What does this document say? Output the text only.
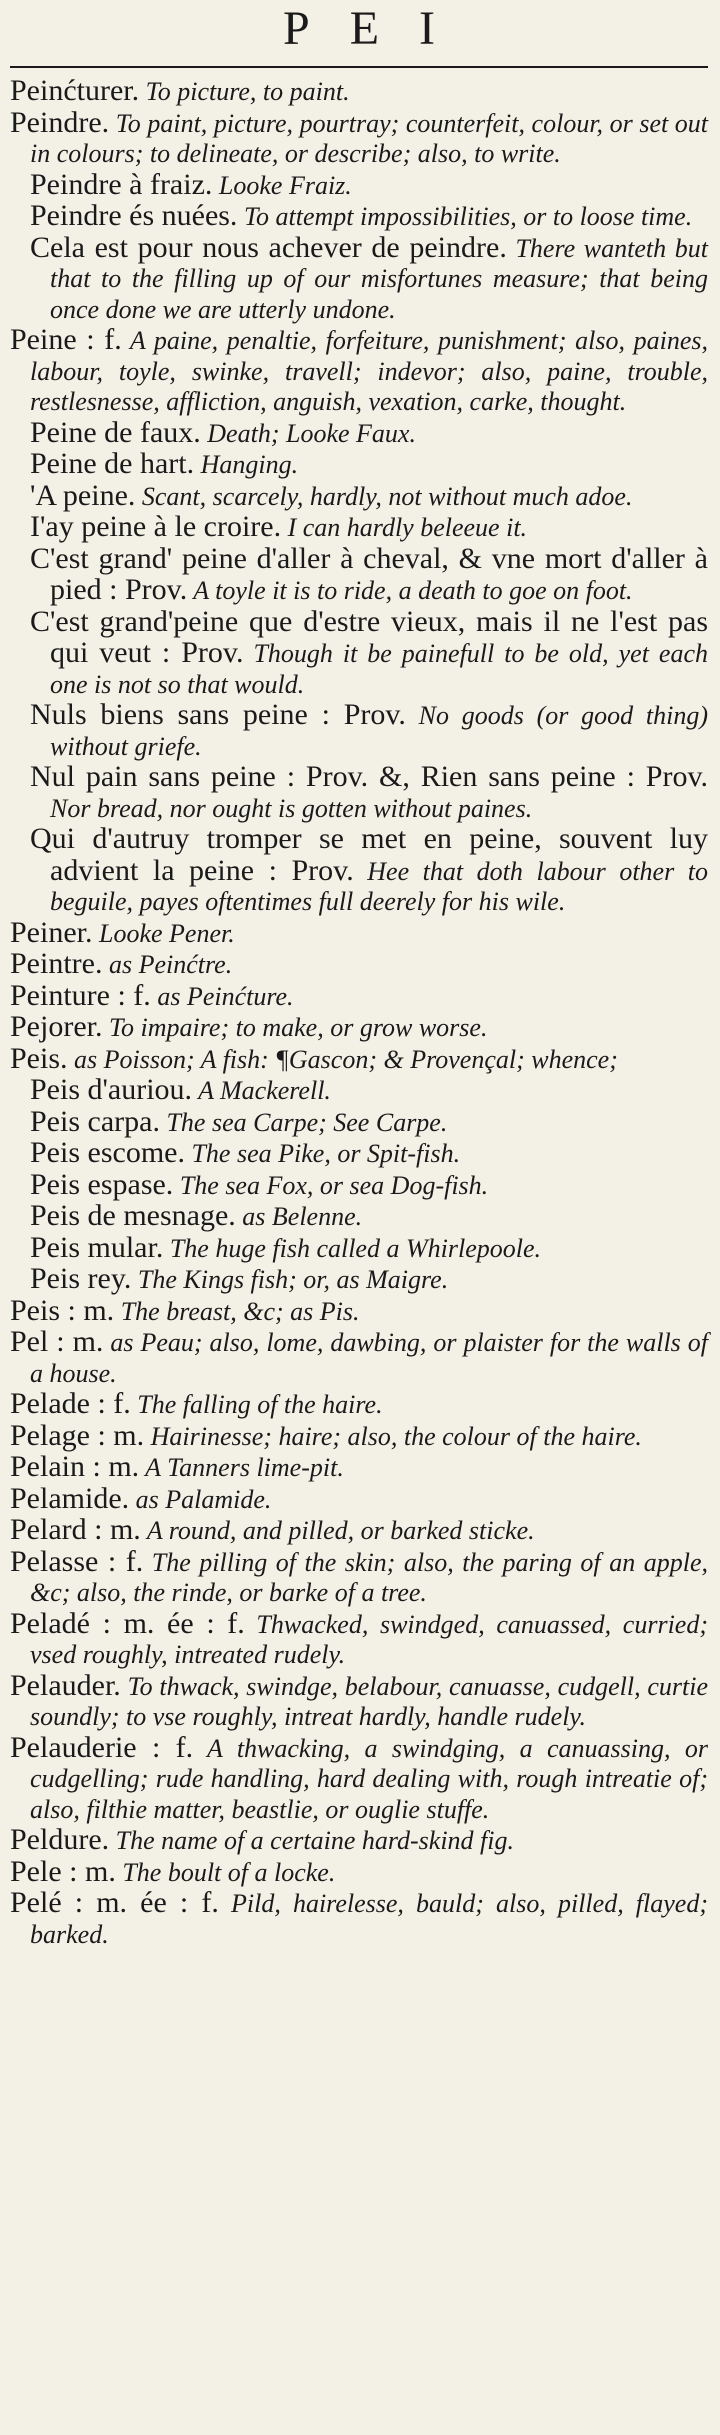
PEI
Peinćturer. To picture, to paint.
Peindre. To paint, picture, pourtray; counterfeit, colour, or set out in colours; to delineate, or describe; also, to write.
Peindre à fraiz. Looke Fraiz.
Peindre és nuées. To attempt impossibilities, or to loose time.
Cela est pour nous achever de peindre. There wanteth but that to the filling up of our misfortunes measure; that being once done we are utterly undone.
Peine : f. A paine, penaltie, forfeiture, punishment; also, paines, labour, toyle, swinke, travell; indevor; also, paine, trouble, restlesnesse, affliction, anguish, vexation, carke, thought.
Peine de faux. Death; Looke Faux.
Peine de hart. Hanging.
'A peine. Scant, scarcely, hardly, not without much adoe.
I'ay peine à le croire. I can hardly beleeue it.
C'est grand' peine d'aller à cheval, & vne mort d'aller à pied : Prov. A toyle it is to ride, a death to goe on foot.
C'est grand'peine que d'estre vieux, mais il ne l'est pas qui veut : Prov. Though it be painefull to be old, yet each one is not so that would.
Nuls biens sans peine : Prov. No goods (or good thing) without griefe.
Nul pain sans peine : Prov. &, Rien sans peine : Prov. Nor bread, nor ought is gotten without paines.
Qui d'autruy tromper se met en peine, souvent luy advient la peine : Prov. Hee that doth labour other to beguile, payes oftentimes full deerely for his wile.
Peiner. Looke Pener.
Peintre. as Peinćtre.
Peinture : f. as Peinćture.
Pejorer. To impaire; to make, or grow worse.
Peis. as Poisson; A fish: ¶Gascon; & Provençal; whence;
Peis d'auriou. A Mackerell.
Peis carpa. The sea Carpe; See Carpe.
Peis escome. The sea Pike, or Spit-fish.
Peis espase. The sea Fox, or sea Dog-fish.
Peis de mesnage. as Belenne.
Peis mular. The huge fish called a Whirlepoole.
Peis rey. The Kings fish; or, as Maigre.
Peis : m. The breast, &c; as Pis.
Pel : m. as Peau; also, lome, dawbing, or plaister for the walls of a house.
Pelade : f. The falling of the haire.
Pelage : m. Hairinesse; haire; also, the colour of the haire.
Pelain : m. A Tanners lime-pit.
Pelamide. as Palamide.
Pelard : m. A round, and pilled, or barked sticke.
Pelasse : f. The pilling of the skin; also, the paring of an apple, &c; also, the rinde, or barke of a tree.
Peladé : m. ée : f. Thwacked, swindged, canuassed, curried; vsed roughly, intreated rudely.
Pelauder. To thwack, swindge, belabour, canuasse, cudgell, curtie soundly; to vse roughly, intreat hardly, handle rudely.
Pelauderie : f. A thwacking, a swindging, a canuassing, or cudgelling; rude handling, hard dealing with, rough intreatie of; also, filthie matter, beastlie, or ouglie stuffe.
Peldure. The name of a certaine hard-skind fig.
Pele : m. The boult of a locke.
Pelé : m. ée : f. Pild, hairelesse, bauld; also, pilled, flayed; barked.
